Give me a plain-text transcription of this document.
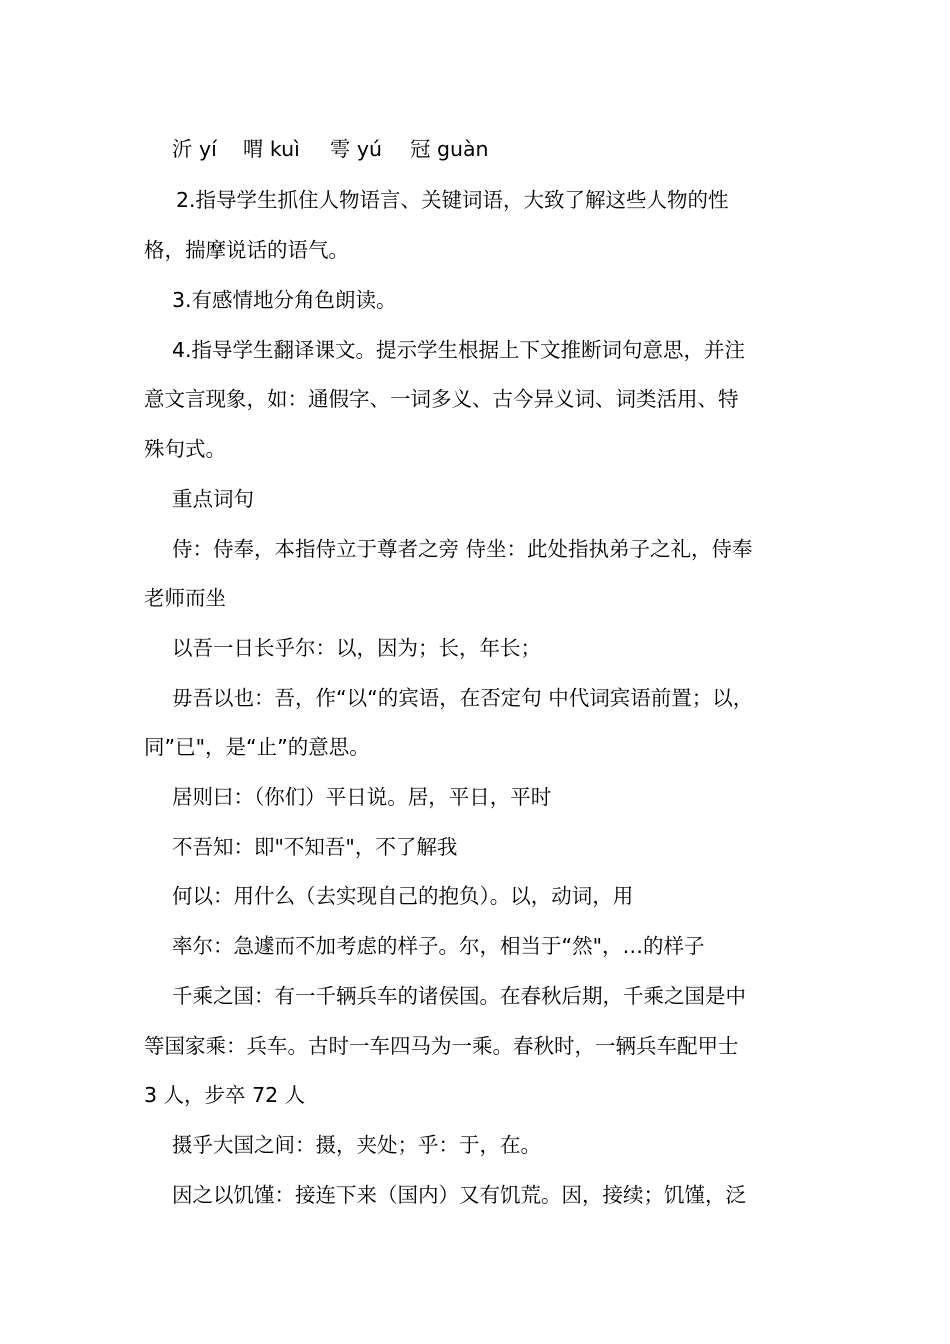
沂 yí 喟 kuì 雩 yú 冠 guàn
2.指导学生抓住人物语言、关键词语，大致了解这些人物的性
格，揣摩说话的语气。
3.有感情地分角色朗读。
4.指导学生翻译课文。提示学生根据上下文推断词句意思，并注
意文言现象，如：通假字、一词多义、古今异义词、词类活用、特
殊句式。
重点词句
侍：侍奉，本指侍立于尊者之旁 侍坐：此处指执弟子之礼，侍奉
老师而坐
以吾一日长乎尔：以，因为；长，年长；
毋吾以也：吾，作“以“的宾语，在否定句 中代词宾语前置；以，
同”已"，是“止”的意思。
居则曰：（你们）平日说。居，平日，平时
不吾知：即"不知吾"，不了解我
何以：用什么（去实现自己的抱负）。以，动词，用
率尔：急遽而不加考虑的样子。尔，相当于“然"，…的样子
千乘之国：有一千辆兵车的诸侯国。在春秋后期，千乘之国是中
等国家乘：兵车。古时一车四马为一乘。春秋时，一辆兵车配甲士
3 人，步卒 72 人
摄乎大国之间：摄，夹处；乎：于，在。
因之以饥馑：接连下来（国内）又有饥荒。因，接续；饥馑，泛
